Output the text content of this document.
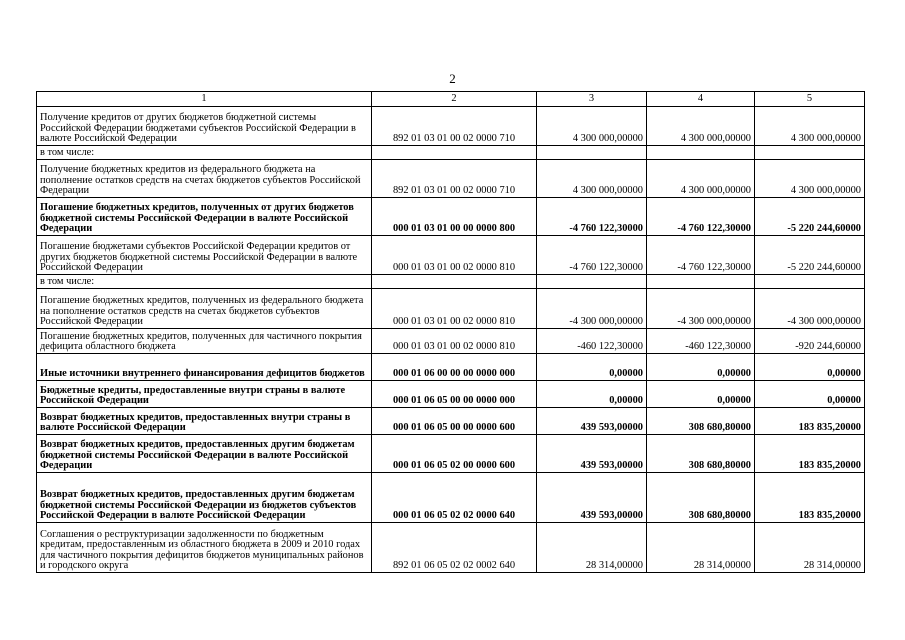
2
1	2	3	4	5
Получение кредитов от других бюджетов бюджетной системы Российской Федерации бюджетами субъектов Российской Федерации в валюте Российской Федерации	892 01 03 01 00 02 0000 710	4 300 000,00000	4 300 000,00000	4 300 000,00000
в том числе:				
Получение бюджетных кредитов из федерального бюджета на пополнение остатков средств на счетах бюджетов субъектов Российской Федерации	892 01 03 01 00 02 0000 710	4 300 000,00000	4 300 000,00000	4 300 000,00000
Погашение бюджетных кредитов, полученных от других бюджетов бюджетной системы Российской Федерации в валюте Российской Федерации	000 01 03 01 00 00 0000 800	-4 760 122,30000	-4 760 122,30000	-5 220 244,60000
Погашение бюджетами субъектов Российской Федерации кредитов от других бюджетов бюджетной системы Российской Федерации в валюте Российской Федерации	000 01 03 01 00 02 0000 810	-4 760 122,30000	-4 760 122,30000	-5 220 244,60000
в том числе:				
Погашение бюджетных кредитов, полученных из федерального бюджета на пополнение остатков средств на счетах бюджетов субъектов Российской Федерации	000 01 03 01 00 02 0000 810	-4 300 000,00000	-4 300 000,00000	-4 300 000,00000
Погашение бюджетных кредитов, полученных для частичного покрытия дефицита областного бюджета	000 01 03 01 00 02 0000 810	-460 122,30000	-460 122,30000	-920 244,60000
Иные источники внутреннего финансирования дефицитов бюджетов	000 01 06 00 00 00 0000 000	0,00000	0,00000	0,00000
Бюджетные кредиты, предоставленные внутри страны в валюте Российской Федерации	000 01 06 05 00 00 0000 000	0,00000	0,00000	0,00000
Возврат бюджетных кредитов, предоставленных внутри страны в валюте Российской Федерации	000 01 06 05 00 00 0000 600	439 593,00000	308 680,80000	183 835,20000
Возврат бюджетных кредитов, предоставленных другим бюджетам бюджетной системы Российской Федерации в валюте Российской Федерации	000 01 06 05 02 00 0000 600	439 593,00000	308 680,80000	183 835,20000
Возврат бюджетных кредитов, предоставленных другим бюджетам бюджетной системы Российской Федерации из бюджетов субъектов Российской Федерации в валюте Российской Федерации	000 01 06 05 02 02 0000 640	439 593,00000	308 680,80000	183 835,20000
Соглашения о реструктуризации задолженности по бюджетным кредитам, предоставленным из областного бюджета в 2009 и 2010 годах для частичного покрытия дефицитов бюджетов муниципальных районов и городского округа	892 01 06 05 02 02 0002 640	28 314,00000	28 314,00000	28 314,00000
